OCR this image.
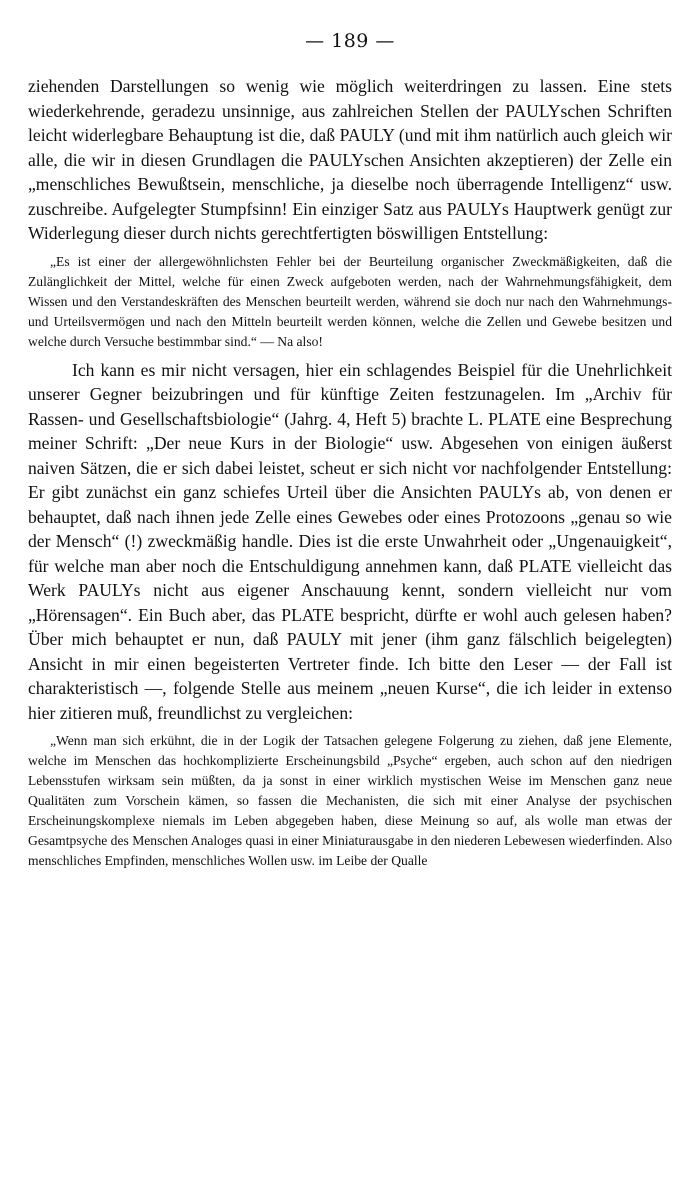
— 189 —

ziehenden Darstellungen so wenig wie möglich weiterdringen zu lassen. Eine stets wiederkehrende, geradezu unsinnige, aus zahlreichen Stellen der PAULYschen Schriften leicht widerlegbare Behauptung ist die, daß PAULY (und mit ihm natürlich auch gleich wir alle, die wir in diesen Grundlagen die PAULYschen Ansichten akzeptieren) der Zelle ein „menschliches Bewußtsein, menschliche, ja dieselbe noch überragende Intelligenz“ usw. zuschreibe. Aufgelegter Stumpfsinn! Ein einziger Satz aus PAULYs Hauptwerk genügt zur Widerlegung dieser durch nichts gerechtfertigten böswilligen Entstellung:

„Es ist einer der allergewöhnlichsten Fehler bei der Beurteilung organischer Zweckmäßigkeiten, daß die Zulänglichkeit der Mittel, welche für einen Zweck aufgeboten werden, nach der Wahrnehmungsfähigkeit, dem Wissen und den Verstandeskräften des Menschen beurteilt werden, während sie doch nur nach den Wahrnehmungs- und Urteilsvermögen und nach den Mitteln beurteilt werden können, welche die Zellen und Gewebe besitzen und welche durch Versuche bestimmbar sind.“ — Na also!

Ich kann es mir nicht versagen, hier ein schlagendes Beispiel für die Unehrlichkeit unserer Gegner beizubringen und für künftige Zeiten festzunagelen. Im „Archiv für Rassen- und Gesellschaftsbiologie“ (Jahrg. 4, Heft 5) brachte L. PLATE eine Besprechung meiner Schrift: „Der neue Kurs in der Biologie“ usw. Abgesehen von einigen äußerst naiven Sätzen, die er sich dabei leistet, scheut er sich nicht vor nachfolgender Entstellung: Er gibt zunächst ein ganz schiefes Urteil über die Ansichten PAULYs ab, von denen er behauptet, daß nach ihnen jede Zelle eines Gewebes oder eines Protozoons „genau so wie der Mensch“ (!) zweckmäßig handle. Dies ist die erste Unwahrheit oder „Ungenauigkeit“, für welche man aber noch die Entschuldigung annehmen kann, daß PLATE vielleicht das Werk PAULYs nicht aus eigener Anschauung kennt, sondern vielleicht nur vom „Hörensagen“. Ein Buch aber, das PLATE bespricht, dürfte er wohl auch gelesen haben? Über mich behauptet er nun, daß PAULY mit jener (ihm ganz fälschlich beigelegten) Ansicht in mir einen begeisterten Vertreter finde. Ich bitte den Leser — der Fall ist charakteristisch —, folgende Stelle aus meinem „neuen Kurse“, die ich leider in extenso hier zitieren muß, freundlichst zu vergleichen:

„Wenn man sich erkühnt, die in der Logik der Tatsachen gelegene Folgerung zu ziehen, daß jene Elemente, welche im Menschen das hochkomplizierte Erscheinungsbild „Psyche“ ergeben, auch schon auf den niedrigen Lebensstufen wirksam sein müßten, da ja sonst in einer wirklich mystischen Weise im Menschen ganz neue Qualitäten zum Vorschein kämen, so fassen die Mechanisten, die sich mit einer Analyse der psychischen Erscheinungskomplexe niemals im Leben abgegeben haben, diese Meinung so auf, als wolle man etwas der Gesamtpsyche des Menschen Analoges quasi in einer Miniaturausgabe in den niederen Lebewesen wiederfinden. Also menschliches Empfinden, menschliches Wollen usw. im Leibe der Qualle
